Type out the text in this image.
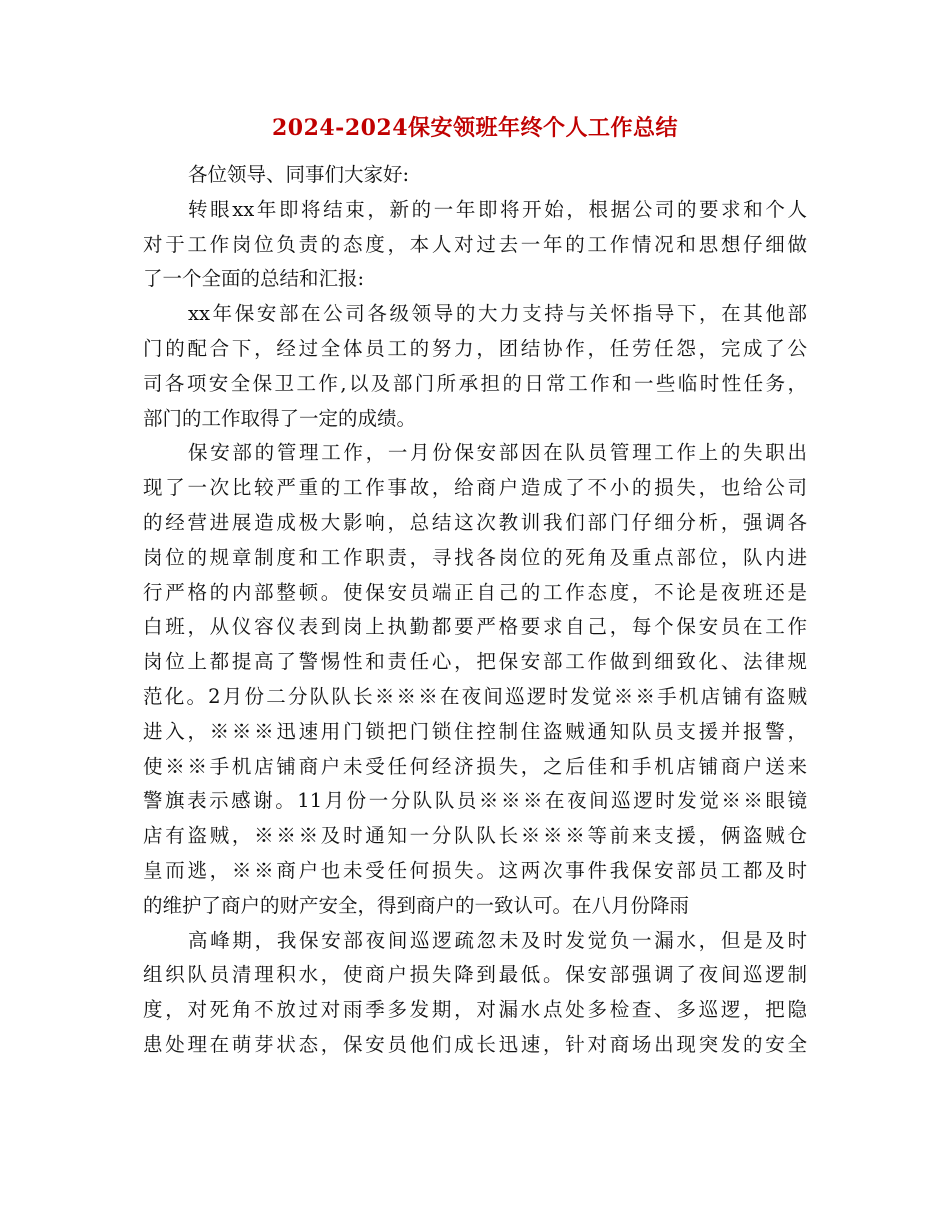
2024-2024保安领班年终个人工作总结
各位领导、同事们大家好:
转眼xx年即将结束，新的一年即将开始，根据公司的要求和个人
对于工作岗位负责的态度，本人对过去一年的工作情况和思想仔细做
了一个全面的总结和汇报:
xx年保安部在公司各级领导的大力支持与关怀指导下，在其他部
门的配合下，经过全体员工的努力，团结协作，任劳任怨，完成了公
司各项安全保卫工作,以及部门所承担的日常工作和一些临时性任务，
部门的工作取得了一定的成绩。
保安部的管理工作，一月份保安部因在队员管理工作上的失职出
现了一次比较严重的工作事故，给商户造成了不小的损失，也给公司
的经营进展造成极大影响，总结这次教训我们部门仔细分析，强调各
岗位的规章制度和工作职责，寻找各岗位的死角及重点部位，队内进
行严格的内部整顿。使保安员端正自己的工作态度，不论是夜班还是
白班，从仪容仪表到岗上执勤都要严格要求自己，每个保安员在工作
岗位上都提高了警惕性和责任心，把保安部工作做到细致化、法律规
范化。2月份二分队队长※※※在夜间巡逻时发觉※※手机店铺有盗贼
进入，※※※迅速用门锁把门锁住控制住盗贼通知队员支援并报警，
使※※手机店铺商户未受任何经济损失，之后佳和手机店铺商户送来
警旗表示感谢。11月份一分队队员※※※在夜间巡逻时发觉※※眼镜
店有盗贼，※※※及时通知一分队队长※※※等前来支援，俩盗贼仓
皇而逃，※※商户也未受任何损失。这两次事件我保安部员工都及时
的维护了商户的财产安全，得到商户的一致认可。在八月份降雨
高峰期，我保安部夜间巡逻疏忽未及时发觉负一漏水，但是及时
组织队员清理积水，使商户损失降到最低。保安部强调了夜间巡逻制
度，对死角不放过对雨季多发期，对漏水点处多检查、多巡逻，把隐
患处理在萌芽状态，保安员他们成长迅速，针对商场出现突发的安全
